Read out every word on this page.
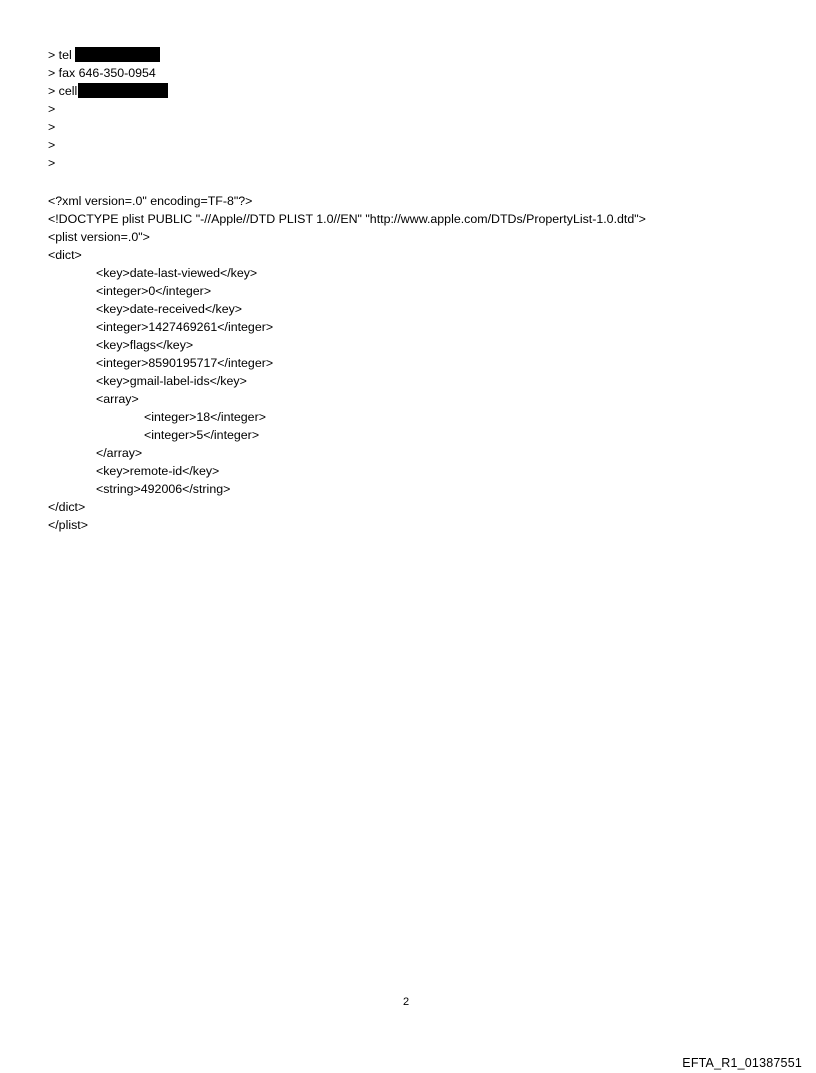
> tel
> fax 646-350-0954
> cell
>
>
>
>
<?xml version=.0" encoding=TF-8"?>
<!DOCTYPE plist PUBLIC "-//Apple//DTD PLIST 1.0//EN" "http://www.apple.com/DTDs/PropertyList-1.0.dtd">
<plist version=.0">
<dict>
<key>date-last-viewed</key>
<integer>0</integer>
<key>date-received</key>
<integer>1427469261</integer>
<key>flags</key>
<integer>8590195717</integer>
<key>gmail-label-ids</key>
<array>
<integer>18</integer>
<integer>5</integer>
</array>
<key>remote-id</key>
<string>492006</string>
</dict>
</plist>
2
EFTA_R1_01387551
